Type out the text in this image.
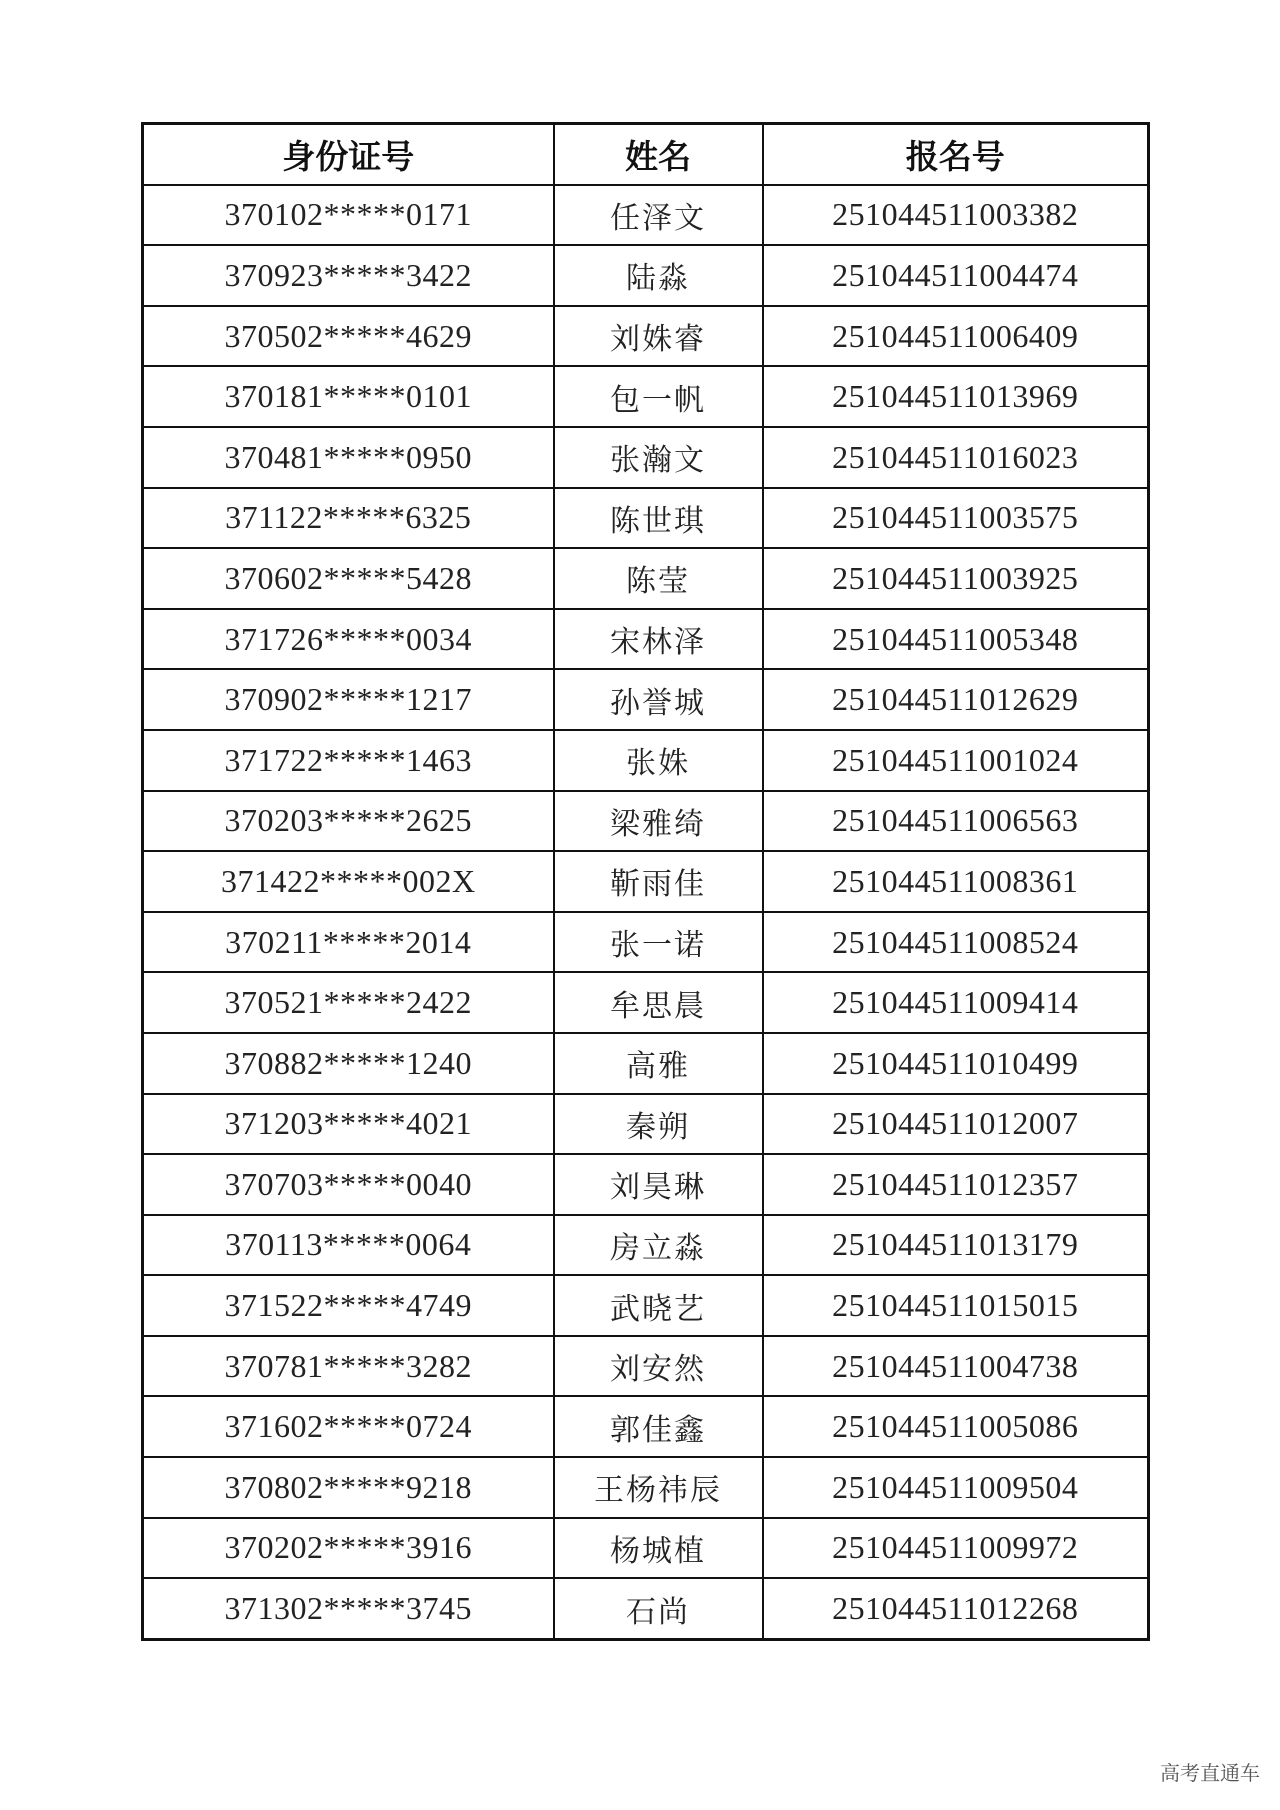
身份证号	姓名	报名号
370102*****0171	任泽文	251044511003382
370923*****3422	陆淼	251044511004474
370502*****4629	刘姝睿	251044511006409
370181*****0101	包一帆	251044511013969
370481*****0950	张瀚文	251044511016023
371122*****6325	陈世琪	251044511003575
370602*****5428	陈莹	251044511003925
371726*****0034	宋林泽	251044511005348
370902*****1217	孙誉城	251044511012629
371722*****1463	张姝	251044511001024
370203*****2625	梁雅绮	251044511006563
371422*****002X	靳雨佳	251044511008361
370211*****2014	张一诺	251044511008524
370521*****2422	牟思晨	251044511009414
370882*****1240	高雅	251044511010499
371203*****4021	秦朔	251044511012007
370703*****0040	刘昊琳	251044511012357
370113*****0064	房立淼	251044511013179
371522*****4749	武晓艺	251044511015015
370781*****3282	刘安然	251044511004738
371602*****0724	郭佳鑫	251044511005086
370802*****9218	王杨祎辰	251044511009504
370202*****3916	杨城植	251044511009972
371302*****3745	石尚	251044511012268
高考直通车
